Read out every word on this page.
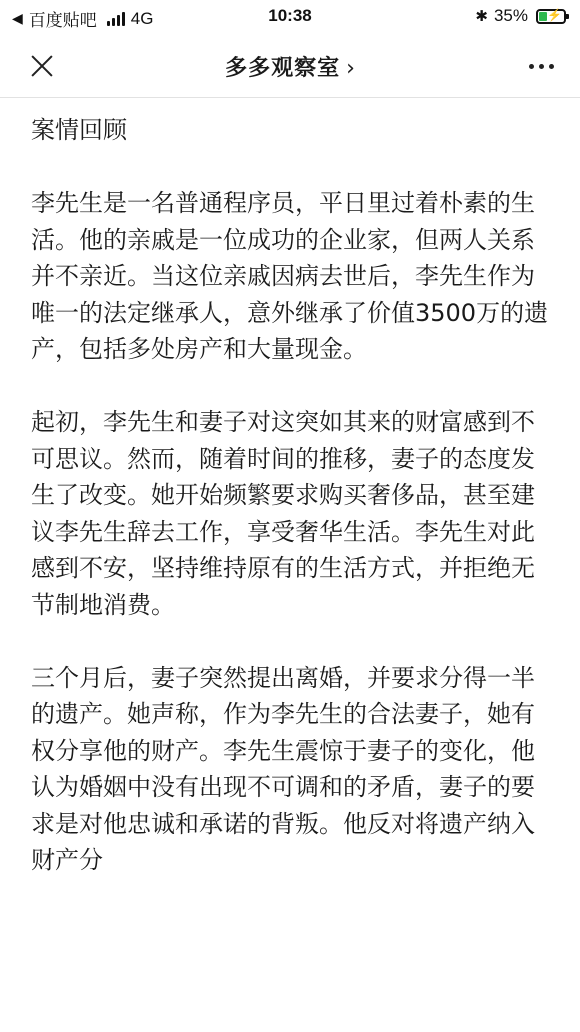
◀ 百度贴吧 4G	10:38	✱ 35% ⚡
多多观察室 ›
案情回顾

李先生是一名普通程序员，平日里过着朴素的生活。他的亲戚是一位成功的企业家，但两人关系并不亲近。当这位亲戚因病去世后，李先生作为唯一的法定继承人，意外继承了价值3500万的遗产，包括多处房产和大量现金。

起初，李先生和妻子对这突如其来的财富感到不可思议。然而，随着时间的推移，妻子的态度发生了改变。她开始频繁要求购买奢侈品，甚至建议李先生辞去工作，享受奢华生活。李先生对此感到不安，坚持维持原有的生活方式，并拒绝无节制地消费。

三个月后，妻子突然提出离婚，并要求分得一半的遗产。她声称，作为李先生的合法妻子，她有权分享他的财产。李先生震惊于妻子的变化，他认为婚姻中没有出现不可调和的矛盾，妻子的要求是对他忠诚和承诺的背叛。他反对将遗产纳入财产分
